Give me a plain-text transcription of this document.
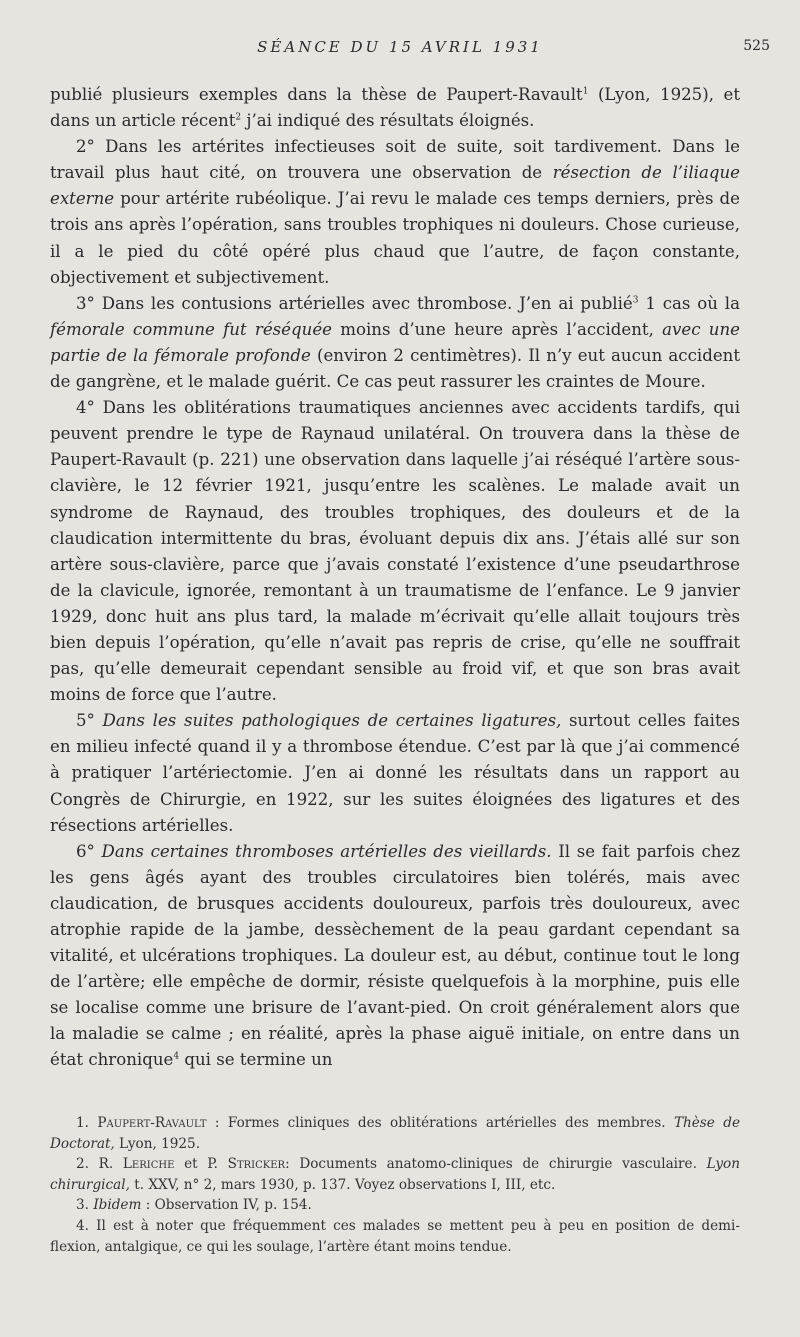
SÉANCE DU 15 AVRIL 1931	525

publié plusieurs exemples dans la thèse de Paupert-Ravault$^1$ (Lyon, 1925), et dans un article récent$^2$ j’ai indiqué des résultats éloignés.

2° Dans les artérites infectieuses soit de suite, soit tardivement. Dans le travail plus haut cité, on trouvera une observation de résection de l’iliaque externe pour artérite rubéolique. J’ai revu le malade ces temps derniers, près de trois ans après l’opération, sans troubles trophiques ni douleurs. Chose curieuse, il a le pied du côté opéré plus chaud que l’autre, de façon constante, objectivement et subjectivement.

3° Dans les contusions artérielles avec thrombose. J’en ai publié$^3$ 1 cas où la fémorale commune fut réséquée moins d’une heure après l’accident, avec une partie de la fémorale profonde (environ 2 centimètres). Il n’y eut aucun accident de gangrène, et le malade guérit. Ce cas peut rassurer les craintes de Moure.

4° Dans les oblitérations traumatiques anciennes avec accidents tardifs, qui peuvent prendre le type de Raynaud unilatéral. On trouvera dans la thèse de Paupert-Ravault (p. 221) une observation dans laquelle j’ai réséqué l’artère sous-clavière, le 12 février 1921, jusqu’entre les scalènes. Le malade avait un syndrome de Raynaud, des troubles trophiques, des douleurs et de la claudication intermittente du bras, évoluant depuis dix ans. J’étais allé sur son artère sous-clavière, parce que j’avais constaté l’existence d’une pseudarthrose de la clavicule, ignorée, remontant à un traumatisme de l’enfance. Le 9 janvier 1929, donc huit ans plus tard, la malade m’écrivait qu’elle allait toujours très bien depuis l’opération, qu’elle n’avait pas repris de crise, qu’elle ne souffrait pas, qu’elle demeurait cependant sensible au froid vif, et que son bras avait moins de force que l’autre.

5° Dans les suites pathologiques de certaines ligatures, surtout celles faites en milieu infecté quand il y a thrombose étendue. C’est par là que j’ai commencé à pratiquer l’artériectomie. J’en ai donné les résultats dans un rapport au Congrès de Chirurgie, en 1922, sur les suites éloignées des ligatures et des résections artérielles.

6° Dans certaines thromboses artérielles des vieillards. Il se fait parfois chez les gens âgés ayant des troubles circulatoires bien tolérés, mais avec claudication, de brusques accidents douloureux, parfois très douloureux, avec atrophie rapide de la jambe, dessèchement de la peau gardant cependant sa vitalité, et ulcérations trophiques. La douleur est, au début, continue tout le long de l’artère; elle empêche de dormir, résiste quelquefois à la morphine, puis elle se localise comme une brisure de l’avant-pied. On croit généralement alors que la maladie se calme ; en réalité, après la phase aiguë initiale, on entre dans un état chronique$^4$ qui se termine un

1. Paupert-Ravault : Formes cliniques des oblitérations artérielles des membres. Thèse de Doctorat, Lyon, 1925.

2. R. Leriche et P. Stricker: Documents anatomo-cliniques de chirurgie vasculaire. Lyon chirurgical, t. XXV, n° 2, mars 1930, p. 137. Voyez observations I, III, etc.

3. Ibidem : Observation IV, p. 154.

4. Il est à noter que fréquemment ces malades se mettent peu à peu en position de demi-flexion, antalgique, ce qui les soulage, l’artère étant moins tendue.
